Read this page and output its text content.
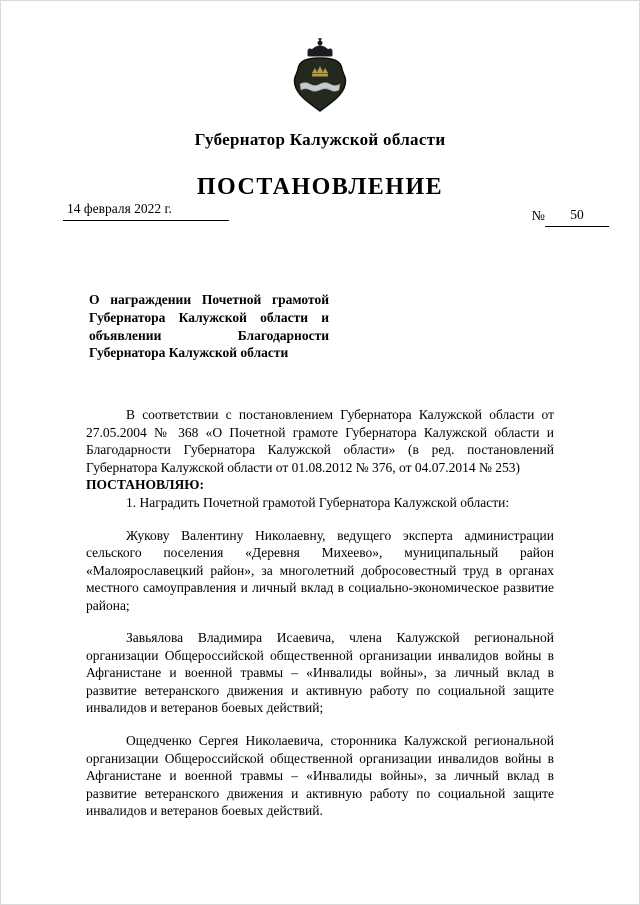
Губернатор Калужской области
ПОСТАНОВЛЕНИЕ
14 февраля 2022 г.
№	50
О награждении Почетной грамотой Губернатора Калужской области и объявлении Благодарности Губернатора Калужской области

В соответствии с постановлением Губернатора Калужской области от 27.05.2004 № 368 «О Почетной грамоте Губернатора Калужской области и Благодарности Губернатора Калужской области» (в ред. постановлений Губернатора Калужской области от 01.08.2012 № 376, от 04.07.2014 № 253)

ПОСТАНОВЛЯЮ:

1. Наградить Почетной грамотой Губернатора Калужской области:

Жукову Валентину Николаевну, ведущего эксперта администрации сельского поселения «Деревня Михеево», муниципальный район «Малоярославецкий район», за многолетний добросовестный труд в органах местного самоуправления и личный вклад в социально-экономическое развитие района;

Завьялова Владимира Исаевича, члена Калужской региональной организации Общероссийской общественной организации инвалидов войны в Афганистане и военной травмы – «Инвалиды войны», за личный вклад в развитие ветеранского движения и активную работу по социальной защите инвалидов и ветеранов боевых действий;

Ощедченко Сергея Николаевича, сторонника Калужской региональной организации Общероссийской общественной организации инвалидов войны в Афганистане и военной травмы – «Инвалиды войны», за личный вклад в развитие ветеранского движения и активную работу по социальной защите инвалидов и ветеранов боевых действий.
